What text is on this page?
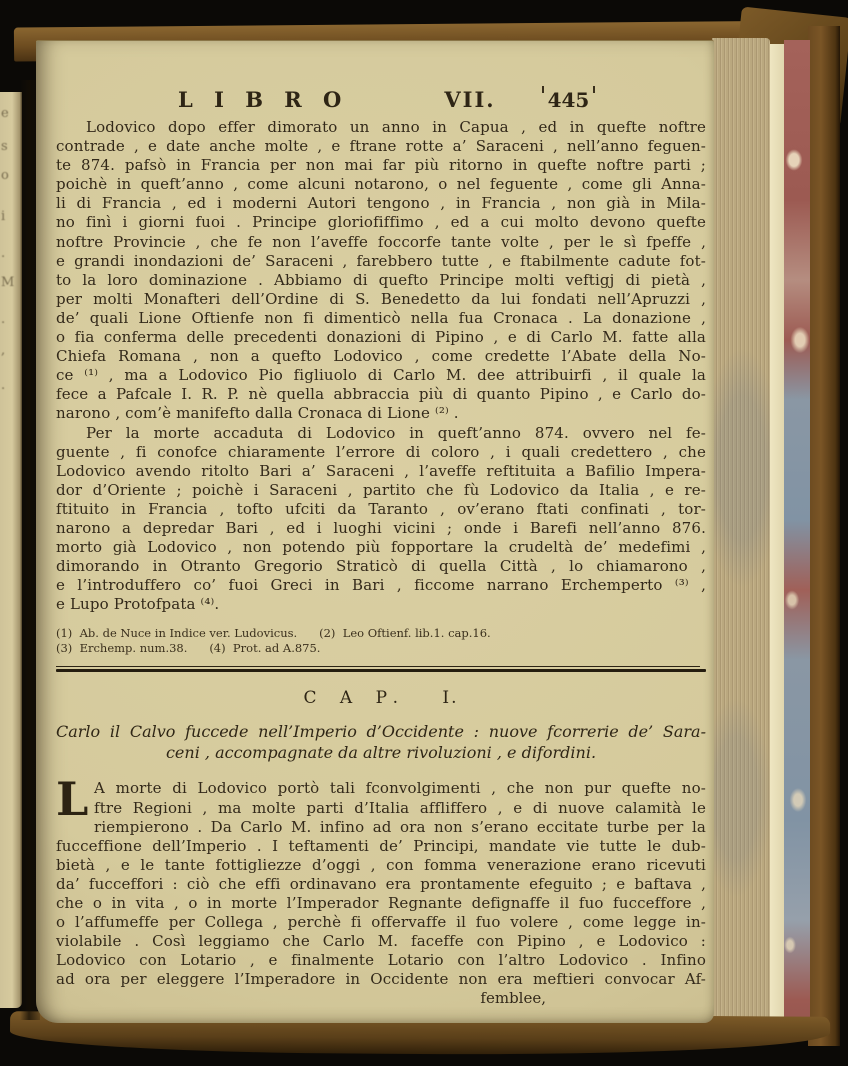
e
s
o
i
.
M
.
,
.
L I B R O	VII.	445
Lodovico dopo effer dimorato un anno in Capua , ed in quefte noftre
contrade , e date anche molte , e ftrane rotte a’ Saraceni , nell’anno feguen-
te 874. pafsò in Francia per non mai far più ritorno in quefte noftre parti ;
poichè in queft’anno , come alcuni notarono, o nel feguente , come gli Anna-
li di Francia , ed i moderni Autori tengono , in Francia , non già in Mila-
no finì i giorni fuoi . Principe gloriofiffimo , ed a cui molto devono quefte
noftre Provincie , che fe non l’aveffe foccorfe tante volte , per le sì fpeffe ,
e grandi inondazioni de’ Saraceni , farebbero tutte , e ftabilmente cadute fot-
to la loro dominazione . Abbiamo di quefto Principe molti veftigj di pietà ,
per molti Monafteri dell’Ordine di S. Benedetto da lui fondati nell’Apruzzi ,
de’ quali Lione Oftienfe non fi dimenticò nella fua Cronaca . La donazione ,
o fia conferma delle precedenti donazioni di Pipino , e di Carlo M. fatte alla
Chiefa Romana , non a quefto Lodovico , come credette l’Abate della No-
ce ⁽¹⁾ , ma a Lodovico Pio figliuolo di Carlo M. dee attribuirfi , il quale la
fece a Pafcale I. R. P. nè quella abbraccia più di quanto Pipino , e Carlo do-
narono , com’è manifefto dalla Cronaca di Lione ⁽²⁾ .
Per la morte accaduta di Lodovico in queft’anno 874. ovvero nel fe-
guente , fi conofce chiaramente l’errore di coloro , i quali credettero , che
Lodovico avendo ritolto Bari a’ Saraceni , l’aveffe reftituita a Bafilio Impera-
dor d’Oriente ; poichè i Saraceni , partito che fù Lodovico da Italia , e re-
ftituito in Francia , tofto ufciti da Taranto , ov’erano ftati confinati , tor-
narono a depredar Bari , ed i luoghi vicini ; onde i Barefi nell’anno 876.
morto già Lodovico , non potendo più fopportare la crudeltà de’ medefimi ,
dimorando in Otranto Gregorio Straticò di quella Città , lo chiamarono ,
e l’introduffero co’ fuoi Greci in Bari , ficcome narrano Erchemperto ⁽³⁾ ,
e Lupo Protofpata ⁽⁴⁾.
(1)  Ab. de Nuce in Indice ver. Ludovicus.      (2)  Leo Oftienf. lib.1. cap.16.
(3)  Erchemp. num.38.      (4)  Prot. ad A.875.
C A P. I.
Carlo il Calvo fuccede nell’Imperio d’Occidente : nuove fcorrerie de’ Sara-
ceni , accompagnate da altre rivoluzioni , e difordini.
L A morte di Lodovico portò tali fconvolgimenti , che non pur quefte no-
ftre Regioni , ma molte parti d’Italia affliffero , e di nuove calamità le
riempierono . Da Carlo M. infino ad ora non s’erano eccitate turbe per la
fucceffione dell’Imperio . I teftamenti de’ Principi, mandate vie tutte le dub-
bietà , e le tante fottigliezze d’oggi , con fomma venerazione erano ricevuti
da’ fucceffori : ciò che effi ordinavano era prontamente efeguito ; e baftava ,
che o in vita , o in morte l’Imperador Regnante defignaffe il fuo fucceffore ,
o l’affumeffe per Collega , perchè fi offervaffe il fuo volere , come legge in-
violabile . Così leggiamo che Carlo M. faceffe con Pipino , e Lodovico :
Lodovico con Lotario , e finalmente Lotario con l’altro Lodovico . Infino
ad ora per eleggere l’Imperadore in Occidente non era meftieri convocar Af-
femblee,
